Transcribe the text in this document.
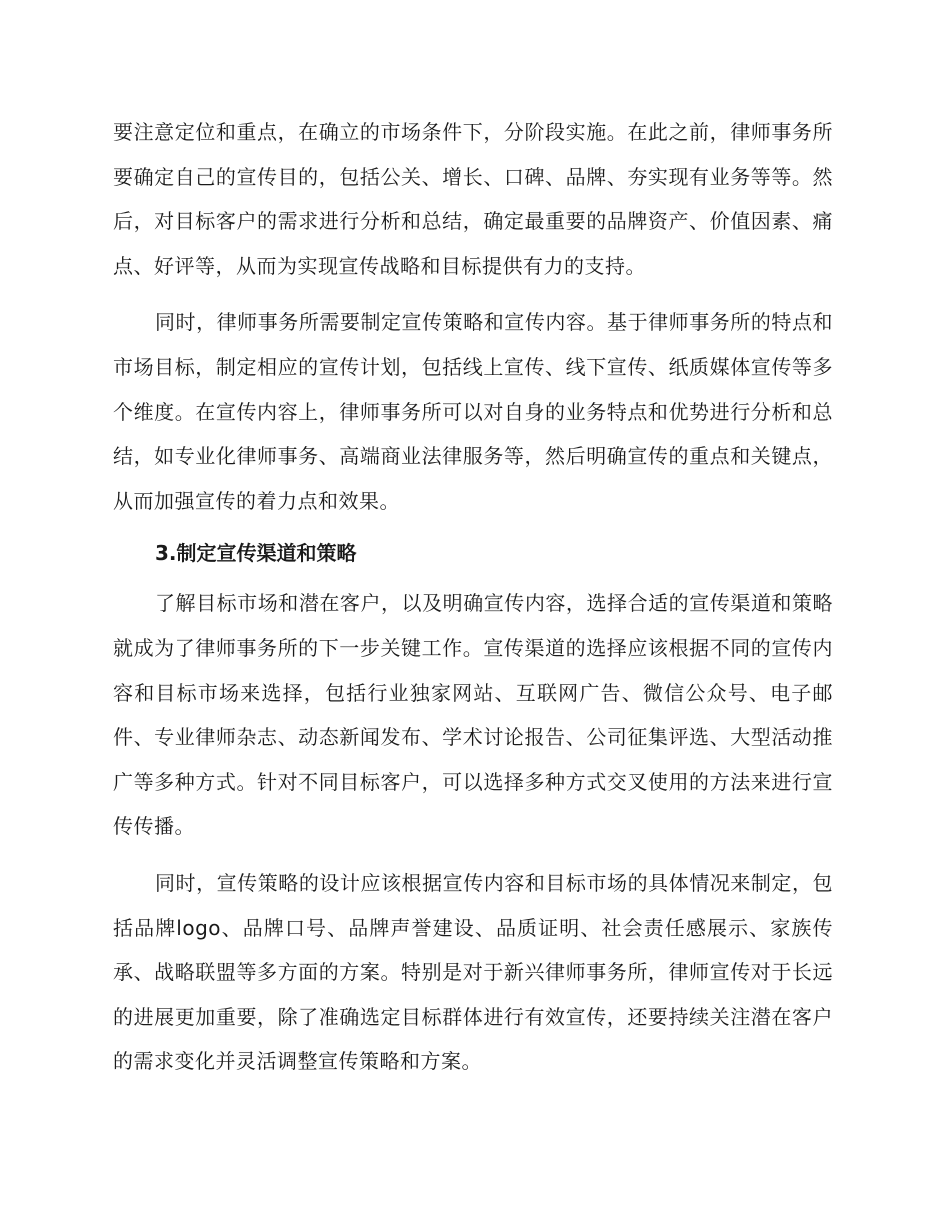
要注意定位和重点，在确立的市场条件下，分阶段实施。在此之前，律师事务所要确定自己的宣传目的，包括公关、增长、口碑、品牌、夯实现有业务等等。然后，对目标客户的需求进行分析和总结，确定最重要的品牌资产、价值因素、痛点、好评等，从而为实现宣传战略和目标提供有力的支持。

同时，律师事务所需要制定宣传策略和宣传内容。基于律师事务所的特点和市场目标，制定相应的宣传计划，包括线上宣传、线下宣传、纸质媒体宣传等多个维度。在宣传内容上，律师事务所可以对自身的业务特点和优势进行分析和总结，如专业化律师事务、高端商业法律服务等，然后明确宣传的重点和关键点，从而加强宣传的着力点和效果。

3.制定宣传渠道和策略

了解目标市场和潜在客户，以及明确宣传内容，选择合适的宣传渠道和策略就成为了律师事务所的下一步关键工作。宣传渠道的选择应该根据不同的宣传内容和目标市场来选择，包括行业独家网站、互联网广告、微信公众号、电子邮件、专业律师杂志、动态新闻发布、学术讨论报告、公司征集评选、大型活动推广等多种方式。针对不同目标客户，可以选择多种方式交叉使用的方法来进行宣传传播。

同时，宣传策略的设计应该根据宣传内容和目标市场的具体情况来制定，包括品牌logo、品牌口号、品牌声誉建设、品质证明、社会责任感展示、家族传承、战略联盟等多方面的方案。特别是对于新兴律师事务所，律师宣传对于长远的进展更加重要，除了准确选定目标群体进行有效宣传，还要持续关注潜在客户的需求变化并灵活调整宣传策略和方案。
